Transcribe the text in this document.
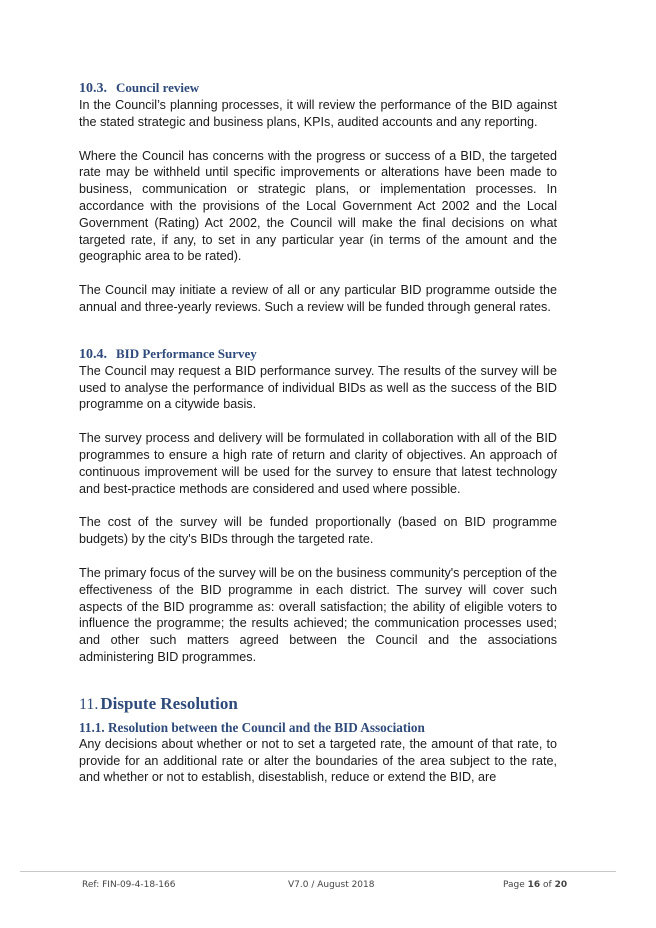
10.3. Council review

In the Council’s planning processes, it will review the performance of the BID against the stated strategic and business plans, KPIs, audited accounts and any reporting.

Where the Council has concerns with the progress or success of a BID, the targeted rate may be withheld until specific improvements or alterations have been made to business, communication or strategic plans, or implementation processes. In accordance with the provisions of the Local Government Act 2002 and the Local Government (Rating) Act 2002, the Council will make the final decisions on what targeted rate, if any, to set in any particular year (in terms of the amount and the geographic area to be rated).

The Council may initiate a review of all or any particular BID programme outside the annual and three-yearly reviews. Such a review will be funded through general rates.

10.4. BID Performance Survey

The Council may request a BID performance survey. The results of the survey will be used to analyse the performance of individual BIDs as well as the success of the BID programme on a citywide basis.

The survey process and delivery will be formulated in collaboration with all of the BID programmes to ensure a high rate of return and clarity of objectives. An approach of continuous improvement will be used for the survey to ensure that latest technology and best-practice methods are considered and used where possible.

The cost of the survey will be funded proportionally (based on BID programme budgets) by the city's BIDs through the targeted rate.

The primary focus of the survey will be on the business community's perception of the effectiveness of the BID programme in each district. The survey will cover such aspects of the BID programme as: overall satisfaction; the ability of eligible voters to influence the programme; the results achieved; the communication processes used; and other such matters agreed between the Council and the associations administering BID programmes.

11. Dispute Resolution
11.1. Resolution between the Council and the BID Association

Any decisions about whether or not to set a targeted rate, the amount of that rate, to provide for an additional rate or alter the boundaries of the area subject to the rate, and whether or not to establish, disestablish, reduce or extend the BID, are

Ref: FIN-09-4-18-166	V7.0 / August 2018	Page 16 of 20
